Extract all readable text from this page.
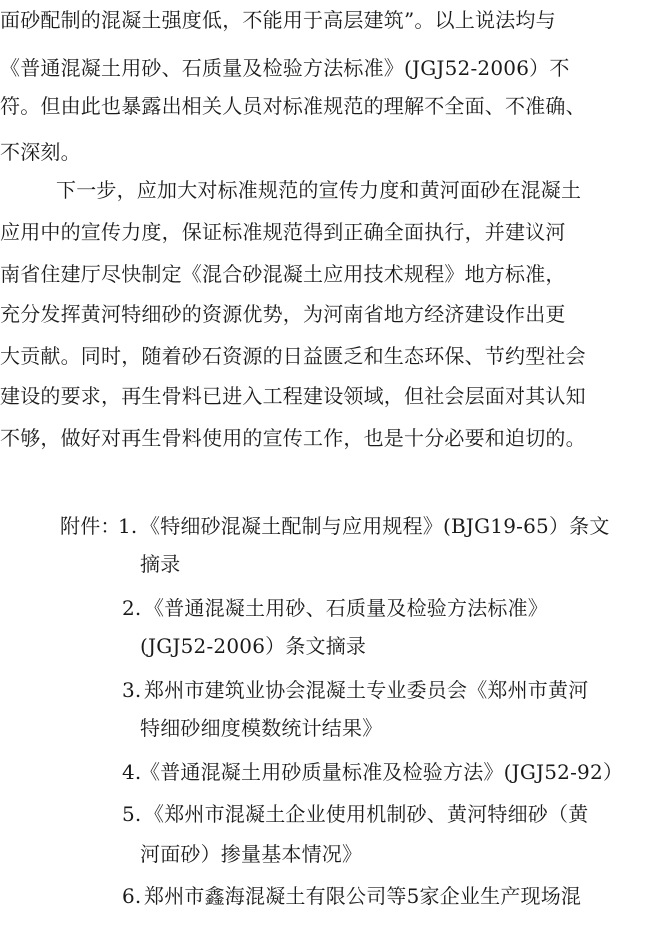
面砂配制的混凝土强度低，不能用于高层建筑”。以上说法均与
《普通混凝土用砂、石质量及检验方法标准》(JGJ52-2006）不
符。但由此也暴露出相关人员对标准规范的理解不全面、不准确、
不深刻。
下一步，应加大对标准规范的宣传力度和黄河面砂在混凝土
应用中的宣传力度，保证标准规范得到正确全面执行，并建议河
南省住建厅尽快制定《混合砂混凝土应用技术规程》地方标准，
充分发挥黄河特细砂的资源优势，为河南省地方经济建设作出更
大贡献。同时，随着砂石资源的日益匮乏和生态环保、节约型社会
建设的要求，再生骨料已进入工程建设领域，但社会层面对其认知
不够，做好对再生骨料使用的宣传工作，也是十分必要和迫切的。
附件：
1. 《特细砂混凝土配制与应用规程》(BJG19-65）条文
摘录
2. 《普通混凝土用砂、石质量及检验方法标准》
(JGJ52-2006）条文摘录
3. 郑州市建筑业协会混凝土专业委员会《郑州市黄河
特细砂细度模数统计结果》
4.
《普通混凝土用砂质量标准及检验方法》(JGJ52-92）
5. 《郑州市混凝土企业使用机制砂、黄河特细砂（黄
河面砂）掺量基本情况》
6. 郑州市鑫海混凝土有限公司等5家企业生产现场混
